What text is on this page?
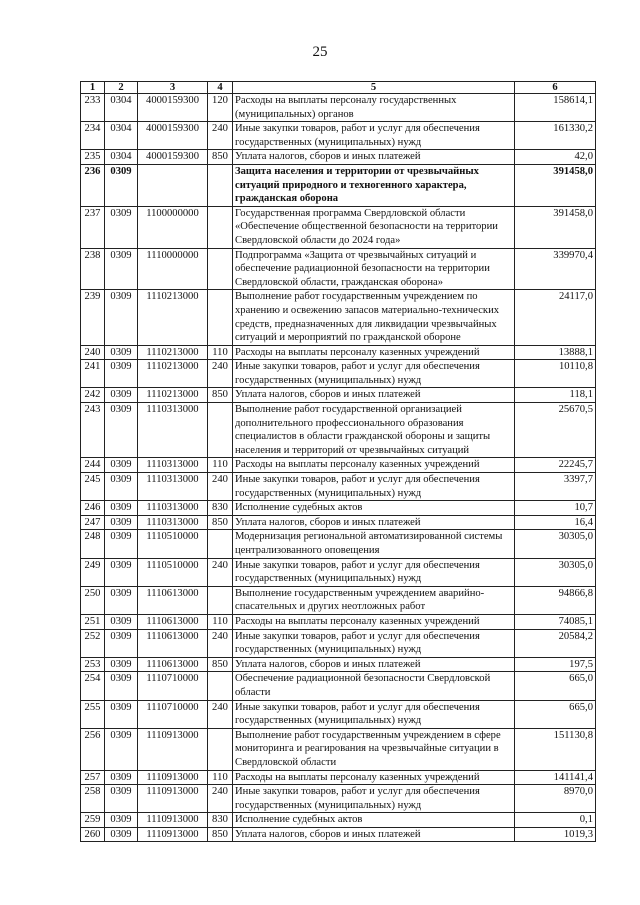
25
1	2	3	4	5	6
233	0304	4000159300	120	Расходы на выплаты персоналу государственных (муниципальных) органов	158614,1
234	0304	4000159300	240	Иные закупки товаров, работ и услуг для обеспечения государственных (муниципальных) нужд	161330,2
235	0304	4000159300	850	Уплата налогов, сборов и иных платежей	42,0
236	0309			Защита населения и территории от чрезвычайных ситуаций природного и техногенного характера, гражданская оборона	391458,0
237	0309	1100000000		Государственная программа Свердловской области «Обеспечение общественной безопасности на территории Свердловской области до 2024 года»	391458,0
238	0309	1110000000		Подпрограмма «Защита от чрезвычайных ситуаций и обеспечение радиационной безопасности на территории Свердловской области, гражданская оборона»	339970,4
239	0309	1110213000		Выполнение работ государственным учреждением по хранению и освежению запасов материально-технических средств, предназначенных для ликвидации чрезвычайных ситуаций и мероприятий по гражданской обороне	24117,0
240	0309	1110213000	110	Расходы на выплаты персоналу казенных учреждений	13888,1
241	0309	1110213000	240	Иные закупки товаров, работ и услуг для обеспечения государственных (муниципальных) нужд	10110,8
242	0309	1110213000	850	Уплата налогов, сборов и иных платежей	118,1
243	0309	1110313000		Выполнение работ государственной организацией дополнительного профессионального образования специалистов в области гражданской обороны и защиты населения и территорий от чрезвычайных ситуаций	25670,5
244	0309	1110313000	110	Расходы на выплаты персоналу казенных учреждений	22245,7
245	0309	1110313000	240	Иные закупки товаров, работ и услуг для обеспечения государственных (муниципальных) нужд	3397,7
246	0309	1110313000	830	Исполнение судебных актов	10,7
247	0309	1110313000	850	Уплата налогов, сборов и иных платежей	16,4
248	0309	1110510000		Модернизация региональной автоматизированной системы централизованного оповещения	30305,0
249	0309	1110510000	240	Иные закупки товаров, работ и услуг для обеспечения государственных (муниципальных) нужд	30305,0
250	0309	1110613000		Выполнение государственным учреждением аварийно-спасательных и других неотложных работ	94866,8
251	0309	1110613000	110	Расходы на выплаты персоналу казенных учреждений	74085,1
252	0309	1110613000	240	Иные закупки товаров, работ и услуг для обеспечения государственных (муниципальных) нужд	20584,2
253	0309	1110613000	850	Уплата налогов, сборов и иных платежей	197,5
254	0309	1110710000		Обеспечение радиационной безопасности Свердловской области	665,0
255	0309	1110710000	240	Иные закупки товаров, работ и услуг для обеспечения государственных (муниципальных) нужд	665,0
256	0309	1110913000		Выполнение работ государственным учреждением в сфере мониторинга и реагирования на чрезвычайные ситуации в Свердловской области	151130,8
257	0309	1110913000	110	Расходы на выплаты персоналу казенных учреждений	141141,4
258	0309	1110913000	240	Иные закупки товаров, работ и услуг для обеспечения государственных (муниципальных) нужд	8970,0
259	0309	1110913000	830	Исполнение судебных актов	0,1
260	0309	1110913000	850	Уплата налогов, сборов и иных платежей	1019,3
